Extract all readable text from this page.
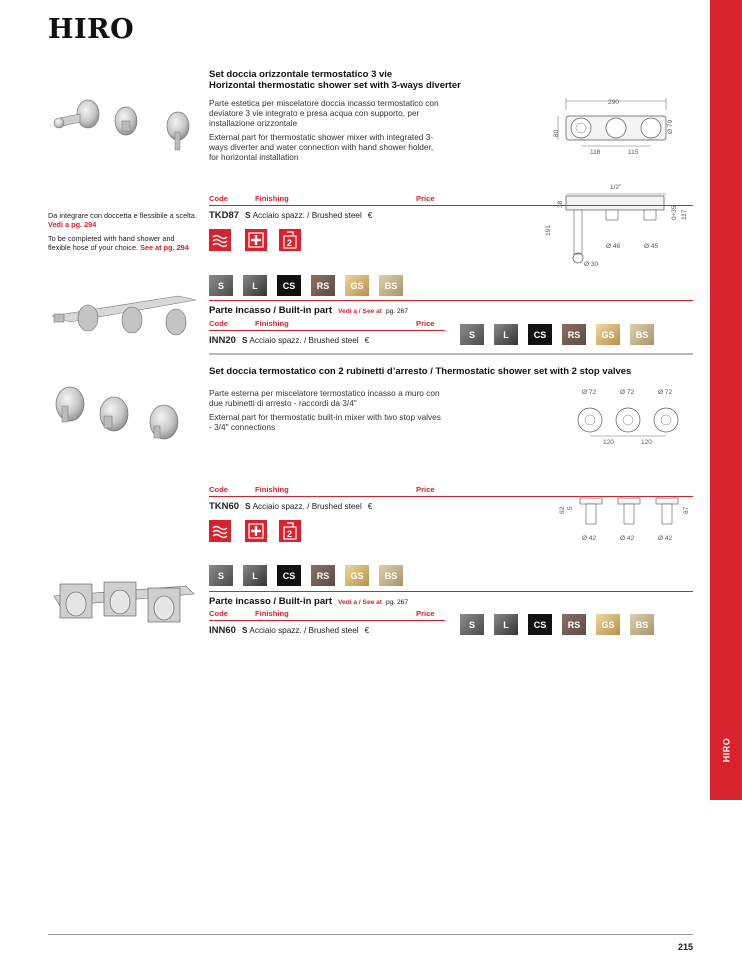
HIRO
HIRO
Set doccia orizzontale termostatico 3 vie
Horizontal thermostatic shower set with 3-ways diverter
Parte estetica per miscelatore doccia incasso termostatico con deviatore 3 vie integrato e presa acqua con supporto, per installazione orizzontale
External part for thermostatic shower mixer with integrated 3-ways diverter and water connection with hand shower holder, for horizontal installation
290
80	Ø 70
118	115
1/2"
191
0÷35 117
Ø 46	Ø 45
Ø 30
Code	Finishing	Price
TKD87 S Acciaio spazz. / Brushed steel €
Da integrare con doccetta e flessibile a scelta. Vedi a pg. 294
To be completed with hand shower and flexible hose of your choice. See at pg. 294	2
S	L	CS	RS	GS	BS
Parte incasso / Built-in part Vedi a / See at pg. 267
Code	Finishing	Price
INN20 S Acciaio spazz. / Brushed steel €
S	L	CS	RS	GS	BS
Set doccia termostatico con 2 rubinetti d’arresto / Thermostatic shower set with 2 stop valves
Parte esterna per miscelatore termostatico incasso a muro con due rubinetti di arresto - raccordi da 3/4"
External part for thermostatic built-in mixer with two stop valves - 3/4" connections
Ø 72	Ø 72	Ø 72
120	120
62 5	67
Ø 42	Ø 42	Ø 42
Code	Finishing	Price
TKN60 S Acciaio spazz. / Brushed steel €
2
S	L	CS	RS	GS	BS
Parte incasso / Built-in part Vedi a / See at pg. 267
Code	Finishing	Price
INN60 S Acciaio spazz. / Brushed steel €
S	L	CS	RS	GS	BS
215
